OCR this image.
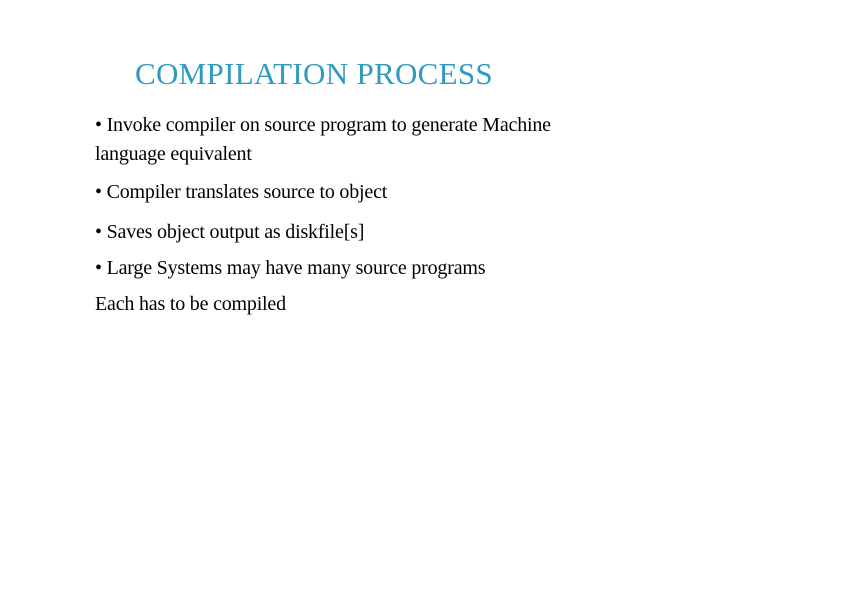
COMPILATION PROCESS
• Invoke compiler on source program to generate Machine
language equivalent
• Compiler translates source to object
• Saves object output as diskfile[s]
• Large Systems may have many source programs
Each has to be compiled
